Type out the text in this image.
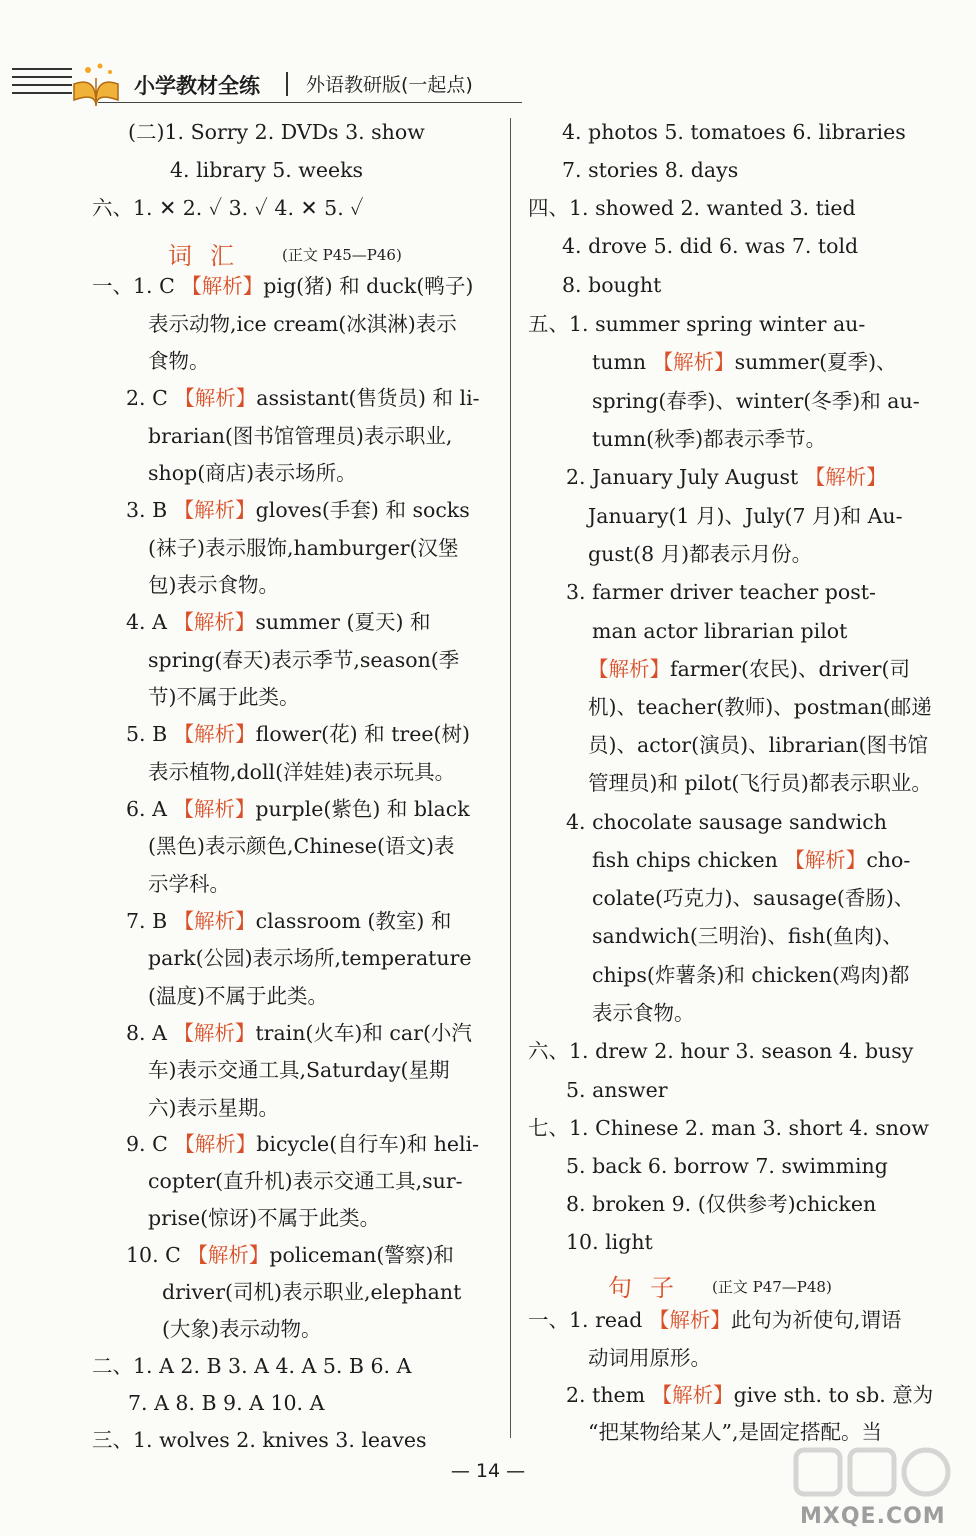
小学教材全练 外语教研版(一起点)
(二)1. Sorry 2. DVDs 3. show
4. library 5. weeks
六、1. ✕ 2. ✓ 3. ✓ 4. ✕ 5. ✓
一、1. C 【解析】pig(猪) 和 duck(鸭子)
表示动物,ice cream(冰淇淋)表示
食物。
2. C 【解析】assistant(售货员) 和 li-
brarian(图书馆管理员)表示职业,
shop(商店)表示场所。
3. B 【解析】gloves(手套) 和 socks
(袜子)表示服饰,hamburger(汉堡
包)表示食物。
4. A 【解析】summer (夏天) 和
spring(春天)表示季节,season(季
节)不属于此类。
5. B 【解析】flower(花) 和 tree(树)
表示植物,doll(洋娃娃)表示玩具。
6. A 【解析】purple(紫色) 和 black
(黑色)表示颜色,Chinese(语文)表
示学科。
7. B 【解析】classroom (教室) 和
park(公园)表示场所,temperature
(温度)不属于此类。
8. A 【解析】train(火车)和 car(小汽
车)表示交通工具,Saturday(星期
六)表示星期。
9. C 【解析】bicycle(自行车)和 heli-
copter(直升机)表示交通工具,sur-
prise(惊讶)不属于此类。
10. C 【解析】policeman(警察)和
driver(司机)表示职业,elephant
(大象)表示动物。
二、1. A 2. B 3. A 4. A 5. B 6. A
7. A 8. B 9. A 10. A
三、1. wolves 2. knives 3. leaves
4. photos 5. tomatoes 6. libraries
7. stories 8. days
四、1. showed 2. wanted 3. tied
4. drove 5. did 6. was 7. told
8. bought
五、1. summer spring winter au-
tumn 【解析】summer(夏季)、
spring(春季)、winter(冬季)和 au-
tumn(秋季)都表示季节。
2. January July August 【解析】
January(1 月)、July(7 月)和 Au-
gust(8 月)都表示月份。
3. farmer driver teacher post-
man actor librarian pilot
【解析】farmer(农民)、driver(司
机)、teacher(教师)、postman(邮递
员)、actor(演员)、librarian(图书馆
管理员)和 pilot(飞行员)都表示职业。
4. chocolate sausage sandwich
fish chips chicken 【解析】cho-
colate(巧克力)、sausage(香肠)、
sandwich(三明治)、fish(鱼肉)、
chips(炸薯条)和 chicken(鸡肉)都
表示食物。
六、1. drew 2. hour 3. season 4. busy
5. answer
七、1. Chinese 2. man 3. short 4. snow
5. back 6. borrow 7. swimming
8. broken 9. (仅供参考)chicken
10. light
一、1. read 【解析】此句为祈使句,谓语
动词用原形。
2. them 【解析】give sth. to sb. 意为
“把某物给某人”,是固定搭配。当
词汇 (正文 P45—P46)
句子 (正文 P47—P48)
— 14 —
MXQE.COM
